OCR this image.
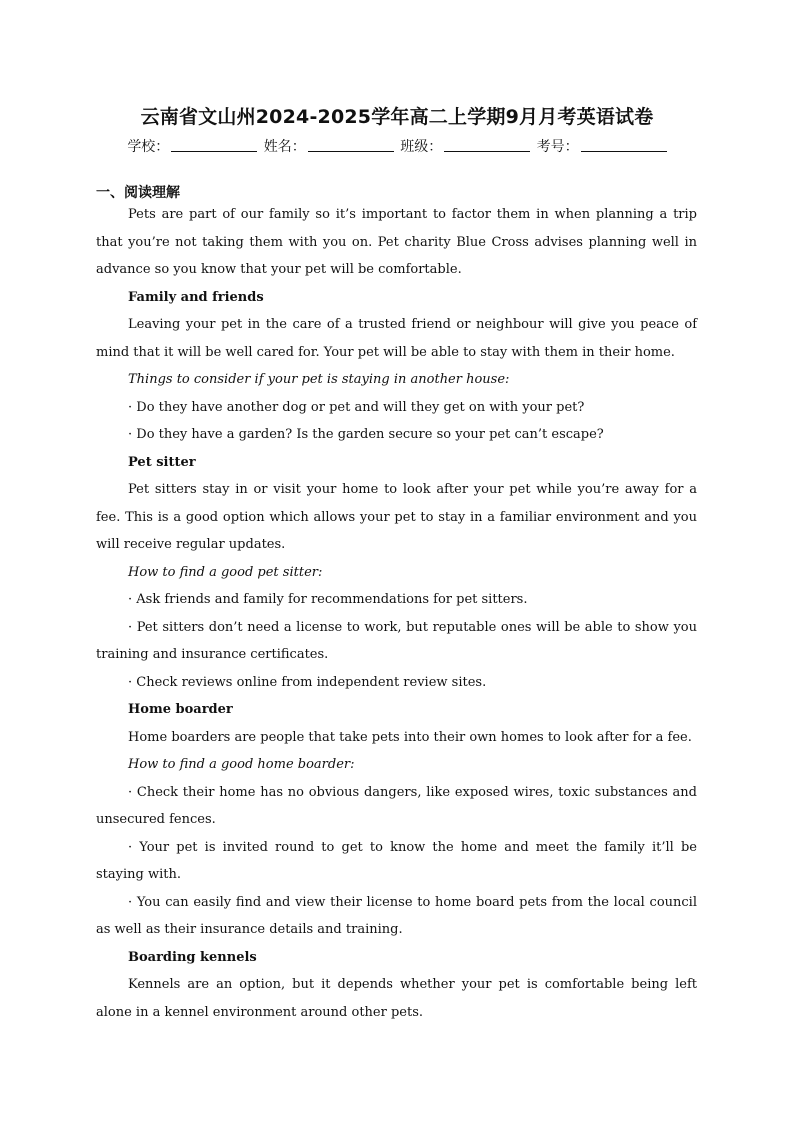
云南省文山州2024-2025学年高二上学期9月月考英语试卷
学校：	姓名：	班级：	考号：
一、阅读理解

Pets are part of our family so it’s important to factor them in when planning a trip that you’re not taking them with you on. Pet charity Blue Cross advises planning well in advance so you know that your pet will be comfortable.

Family and friends

Leaving your pet in the care of a trusted friend or neighbour will give you peace of mind that it will be well cared for. Your pet will be able to stay with them in their home.

Things to consider if your pet is staying in another house:

· Do they have another dog or pet and will they get on with your pet?

· Do they have a garden? Is the garden secure so your pet can’t escape?

Pet sitter

Pet sitters stay in or visit your home to look after your pet while you’re away for a fee. This is a good option which allows your pet to stay in a familiar environment and you will receive regular updates.

How to find a good pet sitter:

· Ask friends and family for recommendations for pet sitters.

· Pet sitters don’t need a license to work, but reputable ones will be able to show you training and insurance certificates.

· Check reviews online from independent review sites.

Home boarder

Home boarders are people that take pets into their own homes to look after for a fee.

How to find a good home boarder:

· Check their home has no obvious dangers, like exposed wires, toxic substances and unsecured fences.

· Your pet is invited round to get to know the home and meet the family it’ll be staying with.

· You can easily find and view their license to home board pets from the local council as well as their insurance details and training.

Boarding kennels

Kennels are an option, but it depends whether your pet is comfortable being left alone in a kennel environment around other pets.
